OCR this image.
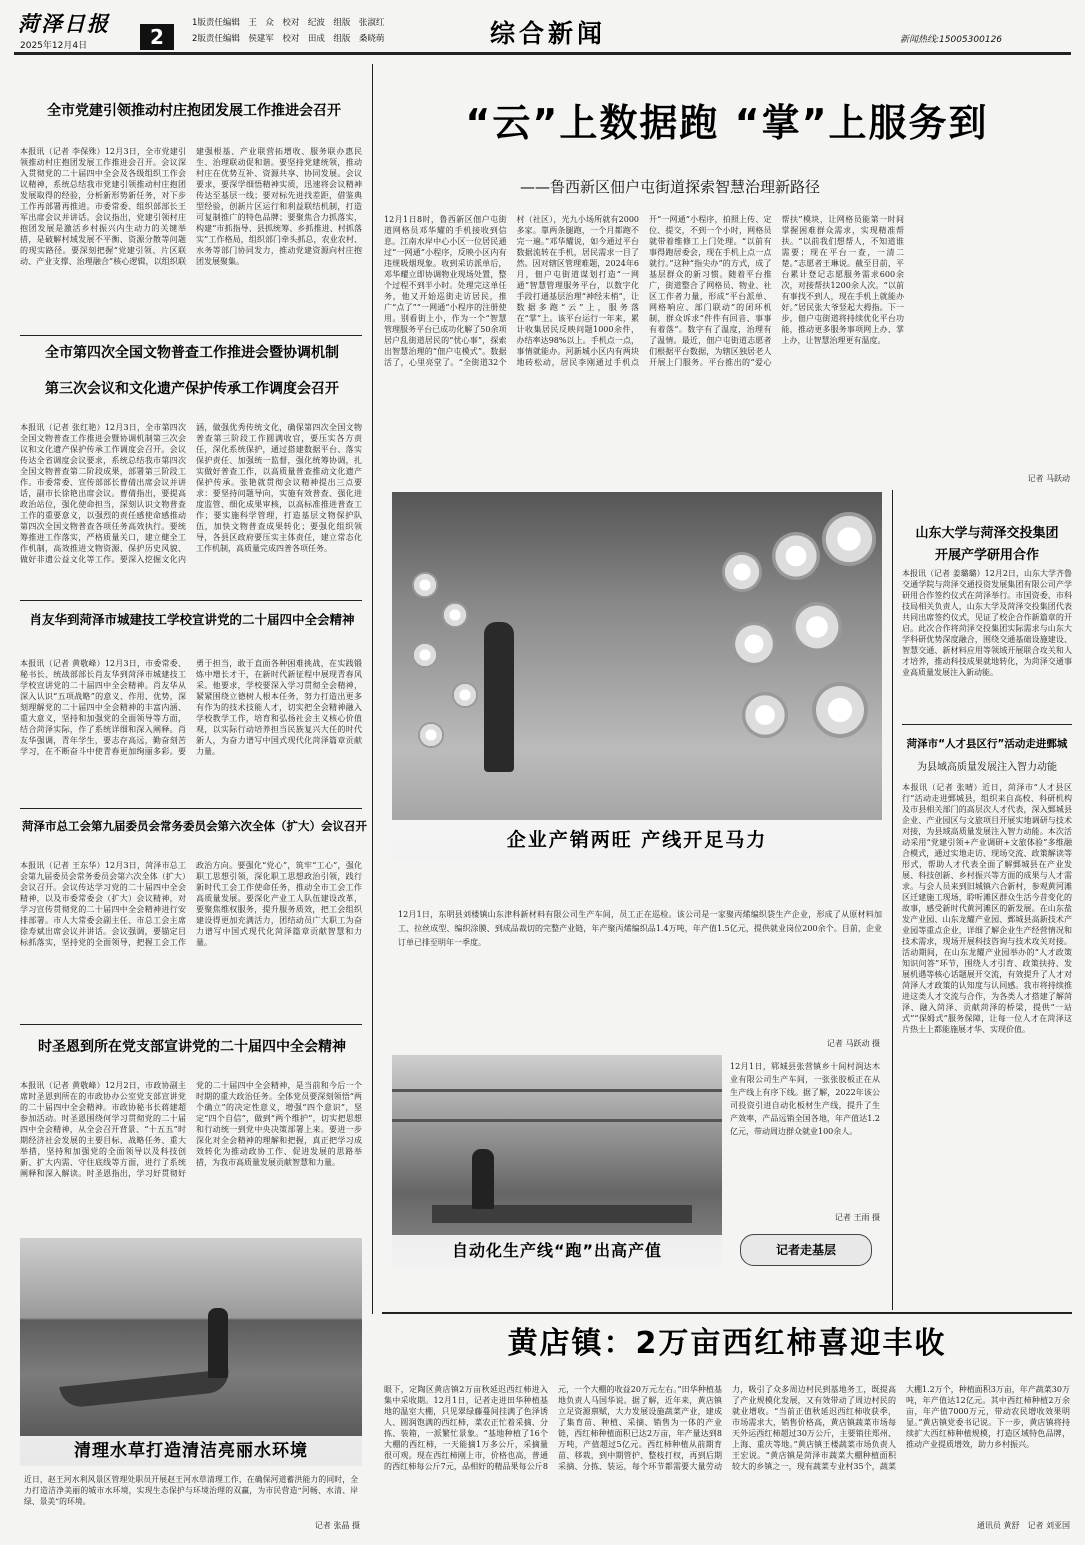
菏泽日报
2025年12月4日	2
1版责任编辑　王　众　校对　纪波　组版　张淑红
2版责任编辑　侯建军　校对　田成　组版　桑晓萌	综合新闻	新闻热线:15005300126
全市党建引领推动村庄抱团发展工作推进会召开
本报讯（记者 李保殊）12月3日，全市党建引领推动村庄抱团发展工作推进会召开。会议深入贯彻党的二十届四中全会及各级组织工作会议精神，系统总结我市党建引领推动村庄抱团发展取得的经验，分析新形势新任务，对下步工作再部署再推进。市委常委、组织部部长王军出席会议并讲话。会议指出，党建引领村庄抱团发展是激活乡村振兴内生动力的关键举措，是破解村域发展不平衡、资源分散等问题的现实路径。要深刻把握“党建引领、片区联动、产业支撑、治理融合”核心逻辑，以组织联建强根基、产业联营拓增收、服务联办惠民生、治理联动促和谐。要坚持党建统领，推动村庄在优势互补、资源共享、协同发展。会议要求，要深学细悟精神实质，迅速将会议精神传达至基层一线；要对标先进找差距，借鉴典型经验，创新片区运行和利益联结机制，打造可复制推广的特色品牌；要聚焦合力抓落实，构建“市抓指导、县抓统筹、乡抓推进、村抓落实”工作格局，组织部门牵头抓总，农业农村、水务等部门协同发力，推动党建资源向村庄抱团发展聚集。
全市第四次全国文物普查工作推进会暨协调机制
第三次会议和文化遗产保护传承工作调度会召开
本报讯（记者 张红艳）12月3日，全市第四次全国文物普查工作推进会暨协调机制第三次会议和文化遗产保护传承工作调度会召开。会议传达全省调度会议要求，系统总结我市第四次全国文物普查第二阶段成果，部署第三阶段工作。市委常委、宣传部部长曹倩出席会议并讲话，副市长徐艳出席会议。曹倩指出，要提高政治站位，强化使命担当，深刻认识文物普查工作的重要意义，以强烈的责任感使命感推动第四次全国文物普查各项任务高效执行。要统筹推进工作落实，严格质量关口，建立健全工作机制，高效推进文物资源、保护历史风貌、做好非遗公益文化等工作。要深入挖掘文化内涵，做强优秀传统文化，确保第四次全国文物普查第三阶段工作圆满收官，要压实各方责任，深化系统保护，通过搭建数据平台、落实保护责任、加强统一监督，强化统筹协调，扎实做好普查工作，以高质量普查推动文化遗产保护传承。张艳就贯彻会议精神提出三点要求：要坚持问题导向，实施有效普查、强化进度监管、细化成果审核，以高标准推进普查工作；要实施科学管理，打造基层文物保护队伍，加快文物普查成果转化；要强化组织领导，各县区政府要压实主体责任，建立常态化工作机制，高质量完成四普各项任务。
肖友华到菏泽市城建技工学校宣讲党的二十届四中全会精神
本报讯（记者 黄敬峰）12月3日，市委常委、秘书长、统战部部长肖友华到菏泽市城建技工学校宣讲党的二十届四中全会精神。肖友华从深入认识“五项战略”的意义、作用、优势，深刻理解党的二十届四中全会精神的丰富内涵、重大意义，坚持和加强党的全面领导等方面，结合菏泽实际，作了系统详细和深入阐释。肖友华强调，青年学生，要志存高远，勤奋刻苦学习，在不断奋斗中使青春更加绚丽多彩。要勇于担当，敢于直面各种困难挑战，在实践锻炼中增长才干，在新时代新征程中展现青春风采。他要求，学校要深入学习贯彻全会精神，紧紧围绕立德树人根本任务，努力打造出更多有作为的技术技能人才，切实把全会精神融入学校教学工作，培育和弘扬社会主义核心价值观，以实际行动培养担当民族复兴大任的时代新人，为奋力谱写中国式现代化菏泽篇章贡献力量。
菏泽市总工会第九届委员会常务委员会第六次全体（扩大）会议召开
本报讯（记者 王东华）12月3日，菏泽市总工会第九届委员会常务委员会第六次全体（扩大）会议召开。会议传达学习党的二十届四中全会精神，以及市委常委会（扩大）会议精神，对学习宣传贯彻党的二十届四中全会精神进行安排部署。市人大常委会副主任、市总工会主席徐寿斌出席会议并讲话。会议强调，要锚定目标抓落实，坚持党的全面领导，把握工会工作政治方向。要强化“党心”，筑牢“工心”，强化职工思想引领，深化职工思想政治引领，践行新时代工会工作使命任务，推动全市工会工作高质量发展。要深化产业工人队伍建设改革，要聚焦维权服务，提升服务质效，把工会组织建设得更加充满活力，团结动员广大职工为奋力谱写中国式现代化菏泽篇章贡献智慧和力量。
时圣恩到所在党支部宣讲党的二十届四中全会精神
本报讯（记者 黄敬峰）12月2日，市政协副主席时圣恩到所在的市政协办公室党支部宣讲党的二十届四中全会精神。市政协秘书长蒋建超参加活动。时圣恩围绕何学习贯彻党的二十届四中全会精神，从全会召开背景、“十五五”时期经济社会发展的主要目标、战略任务、重大举措，坚持和加强党的全面领导以及科技创新、扩大内需、守住底线等方面，进行了系统阐释和深入解读。时圣恩指出，学习好贯彻好党的二十届四中全会精神，是当前和今后一个时期的重大政治任务。全体党员要深刻领悟“两个确立”的决定性意义，增强“四个意识”，坚定“四个自信”，做到“两个维护”，切实把思想和行动统一到党中央决策部署上来。要进一步深化对全会精神的理解和把握，真正把学习成效转化为推动政协工作、促进发展的思路举措，为我市高质量发展贡献智慧和力量。
清理水草打造清洁亮丽水环境
近日，赵王河水利风景区管理处职员开展赵王河水草清理工作，在确保河道蓄洪能力的同时，全力打造洁净美丽的城市水环境，实现生态保护与环境治理的双赢，为市民营造“河畅、水清、岸绿、景美”的环境。
记者 张晶 摄
“云”上数据跑 “掌”上服务到
——鲁西新区佃户屯街道探索智慧治理新路径
12月1日8时，鲁西新区佃户屯街道网格员邓华耀的手机接收到信息。江南水岸中心小区一位居民通过“一网通”小程序，反映小区内有违规吸烟现象。收到采访派单后，邓华耀立即协调物业现场处置，整个过程不到半小时。处理完这单任务，他又开始巡街走访居民，推广“点了”“一网通”小程序的注册使用。别看街上小，作为一个“智慧管理服务平台已成功化解了50余项居户乱街道居民的“忧心事”，探索出智慧治理的“佃户屯模式”。数据活了，心里亮堂了。“全街道32个村（社区），光九小场所就有2000多家。靠两条腿跑，一个月都跑不完一遍。”邓华耀说，如今通过平台数据流转在手机，居民需求一目了然。因对辖区管理难题，2024年6月，佃户屯街道谋划打造“一网通”智慧管理服务平台，以数字化手段打通基层治理“神经末梢”，让数据多跑“云”上，服务落在“掌”上。该平台运行一年来，累计收集居民反映问题1000余件，办结率达98%以上。手机点一点，事情就能办。河新城小区内有两块地砖松动，居民李刚通过手机点开“一网通”小程序，拍照上传、定位、提交，不到一个小时，网格员就带着维修工上门处理。“以前有事得跑居委会，现在手机上点一点就行。”这种“指尖办”的方式，成了基层群众的新习惯。随着平台推广，街道整合了网格员、物业、社区工作者力量，形成“平台派单、网格响应、部门联动”的闭环机制，群众诉求“件件有回音、事事有着落”。数字有了温度，治理有了温情。最近，佃户屯街道志愿者们根据平台数据，为辖区独居老人开展上门服务。平台推出的“爱心帮扶”模块，让网格员能第一时间掌握困难群众需求，实现精准帮扶。“以前我们想帮人，不知道谁需要；现在平台一查，一清二楚。”志愿者王琳说。截至目前，平台累计登记志愿服务需求600余次，对接帮扶1200余人次。“以前有事找不到人，现在手机上就能办好。”居民张大爷竖起大拇指。下一步，佃户屯街道将持续优化平台功能，推动更多服务事项网上办、掌上办，让智慧治理更有温度。
记者 马跃动
企业产销两旺 产线开足马力
12月1日，东明县刘楼镇山东津科新材料有限公司生产车间，员工正在巡检。该公司是一家聚丙烯编织袋生产企业，形成了从原材料加工、拉丝成型、编织涂膜、到成品裁切的完整产业链，年产聚丙烯编织品1.4万吨，年产值1.5亿元，提供就业岗位200余个。目前，企业订单已排至明年一季度。
记者 马跃动 摄
自动化生产线“跑”出高产值
12月1日，郓城县张营镇乡十间村润达木业有限公司生产车间，一张张胶板正在从生产线上有序下线。据了解，2022年该公司投资引进自动化板材生产线，提升了生产效率，产品远销全国各地，年产值达1.2亿元，带动周边群众就业100余人。
记者 王雨 摄
记者走基层
山东大学与菏泽交投集团
开展产学研用合作
本报讯（记者 姜璐璐）12月2日，山东大学齐鲁交通学院与菏泽交通投资发展集团有限公司产学研用合作签约仪式在菏泽举行。市国资委、市科技局相关负责人，山东大学及菏泽交投集团代表共同出席签约仪式，见证了校企合作新篇章的开启。此次合作将菏泽交投集团实际需求与山东大学科研优势深度融合，围绕交通基础设施建设、智慧交通、新材料应用等领域开展联合攻关和人才培养，推动科技成果就地转化，为菏泽交通事业高质量发展注入新动能。
菏泽市“人才县区行”活动走进鄄城
为县域高质量发展注入智力动能
本报讯（记者 张晴）近日，菏泽市“人才县区行”活动走进鄄城县，组织来自高校、科研机构及市县相关部门的高层次人才代表，深入鄄城县企业、产业园区与文旅项目开展实地调研与技术对接，为县域高质量发展注入智力动能。本次活动采用“党建引领+产业调研+文旅体验”多维融合模式，通过实地走访、现场交流、政策解读等形式，帮助人才代表全面了解鄄城县在产业发展、科技创新、乡村振兴等方面的成果与人才需求。与会人员来到旧城镇六合新村，参观黄河滩区迁建施工现场，聆听滩区群众生活今昔变化的故事，感受新时代黄河滩区的新发展。在山东盐发产业园、山东龙耀产业园、鄄城县高新技术产业园等重点企业，详细了解企业生产经营情况和技术需求，现场开展科技咨询与技术攻关对接。活动期间，在山东龙耀产业园举办的“人才政策知识问答”环节，围绕人才引育、政策扶持、发展机遇等核心话题展开交流，有效提升了人才对菏泽人才政策的认知度与认同感。我市将持续推进这类人才交流与合作，为各类人才搭建了解菏泽、融入菏泽、贡献菏泽的桥梁，提供“一站式”“保姆式”服务保障，让每一位人才在菏泽这片热土上都能施展才华、实现价值。
黄店镇：2万亩西红柿喜迎丰收
眼下，定陶区黄店镇2万亩秋延迟西红柿进入集中采收期。12月1日，记者走进田华种植基地的温室大棚，只见翠绿藤蔓间挂满了色泽诱人、圆润饱满的西红柿，菜农正忙着采摘、分拣、装箱，一派繁忙景象。“基地种植了16个大棚的西红柿，一天能摘1万多公斤，采摘量很可观。现在西红柿刚上市，价格也高，普通的西红柿每公斤7元，品相好的精品果每公斤8元，一个大棚的收益20万元左右。”田华种植基地负责人马国华说。据了解，近年来，黄店镇立足资源禀赋，大力发展设施蔬菜产业，建成了集育苗、种植、采摘、销售为一体的产业链，西红柿种植面积已达2万亩，年产量达到8万吨，产值超过5亿元。西红柿种植从前期育苗、移栽，到中期管护、整枝打杈，再到后期采摘、分拣、装运，每个环节都需要大量劳动力，吸引了众多周边村民到基地务工，既提高了产业规模化发展，又有效带动了周边村民的就业增收。“当前正值秋延迟西红柿收获季，市场需求大，销售价格高，黄店镇蔬菜市场每天外运西红柿超过30万公斤，主要销往郑州、上海、重庆等地。”黄店镇王楼蔬菜市场负责人王宏说。“黄店镇是菏泽市蔬菜大棚种植面积较大的乡镇之一，现有蔬菜专业村35个，蔬菜大棚1.2万个，种植面积3万亩，年产蔬菜30万吨，年产值达12亿元。其中西红柿种植2万余亩，年产值7000万元，带动农民增收效果明显。”黄店镇党委书记说。下一步，黄店镇将持续扩大西红柿种植规模，打造区域特色品牌，推动产业提质增效，助力乡村振兴。
通讯员 黄舒　记者 刘亚国
